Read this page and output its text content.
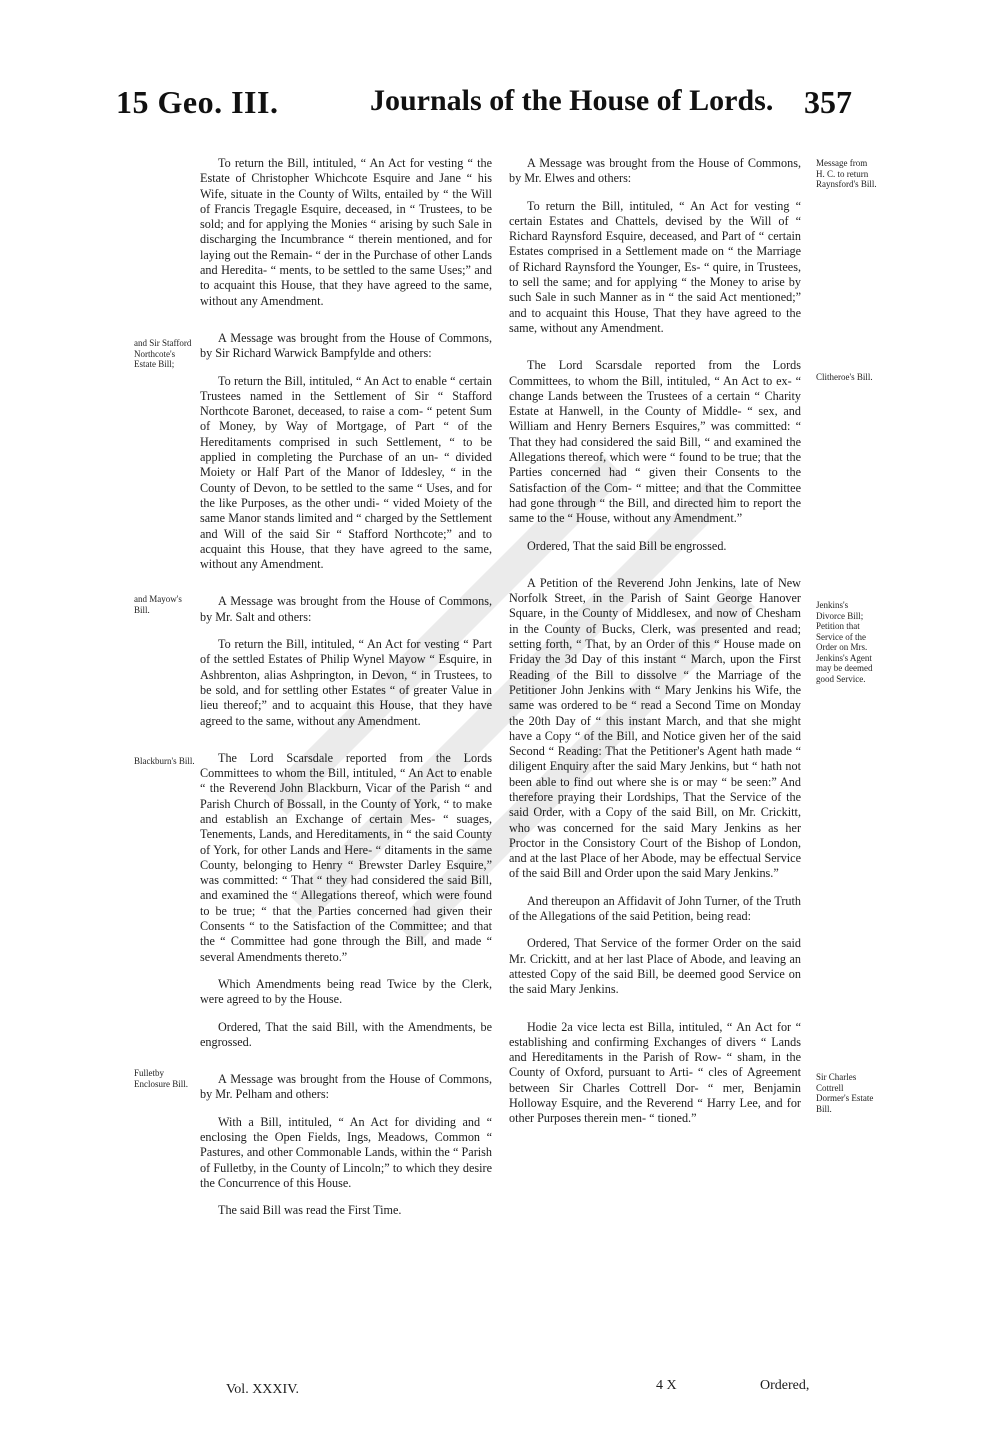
15 Geo. III.	Journals of the House of Lords. 357
and Sir Stafford Northcote's Estate Bill;
and Mayow's Bill.
Blackburn's Bill.
Fulletby Enclosure Bill.
Message from H. C. to return Raynsford's Bill.
Clitheroe's Bill.
Jenkins's Divorce Bill; Petition that Service of the Order on Mrs. Jenkins's Agent may be deemed good Service.
Sir Charles Cottrell Dormer's Estate Bill.

To return the Bill, intituled, “ An Act for vesting “ the Estate of Christopher Whichcote Esquire and Jane “ his Wife, situate in the County of Wilts, entailed by “ the Will of Francis Tregagle Esquire, deceased, in “ Trustees, to be sold; and for applying the Monies “ arising by such Sale in discharging the Incumbrance “ therein mentioned, and for laying out the Remain- “ der in the Purchase of other Lands and Heredita- “ ments, to be settled to the same Uses;” and to acquaint this House, that they have agreed to the same, without any Amendment.

A Message was brought from the House of Commons, by Sir Richard Warwick Bampfylde and others:

To return the Bill, intituled, “ An Act to enable “ certain Trustees named in the Settlement of Sir “ Stafford Northcote Baronet, deceased, to raise a com- “ petent Sum of Money, by Way of Mortgage, of Part “ of the Hereditaments comprised in such Settlement, “ to be applied in completing the Purchase of an un- “ divided Moiety or Half Part of the Manor of Iddesley, “ in the County of Devon, to be settled to the same “ Uses, and for the like Purposes, as the other undi- “ vided Moiety of the same Manor stands limited and “ charged by the Settlement and Will of the said Sir “ Stafford Northcote;” and to acquaint this House, that they have agreed to the same, without any Amendment.

A Message was brought from the House of Commons, by Mr. Salt and others:

To return the Bill, intituled, “ An Act for vesting “ Part of the settled Estates of Philip Wynel Mayow “ Esquire, in Ashbrenton, alias Ashprington, in Devon, “ in Trustees, to be sold, and for settling other Estates “ of greater Value in lieu thereof;” and to acquaint this House, that they have agreed to the same, without any Amendment.

The Lord Scarsdale reported from the Lords Committees to whom the Bill, intituled, “ An Act to enable “ the Reverend John Blackburn, Vicar of the Parish “ and Parish Church of Bossall, in the County of York, “ to make and establish an Exchange of certain Mes- “ suages, Tenements, Lands, and Hereditaments, in “ the said County of York, for other Lands and Here- “ ditaments in the same County, belonging to Henry “ Brewster Darley Esquire,” was committed: “ That “ they had considered the said Bill, and examined the “ Allegations thereof, which were found to be true; “ that the Parties concerned had given their Consents “ to the Satisfaction of the Committee; and that the “ Committee had gone through the Bill, and made “ several Amendments thereto.”

Which Amendments being read Twice by the Clerk, were agreed to by the House.

Ordered, That the said Bill, with the Amendments, be engrossed.

A Message was brought from the House of Commons, by Mr. Pelham and others:

With a Bill, intituled, “ An Act for dividing and “ enclosing the Open Fields, Ings, Meadows, Common “ Pastures, and other Commonable Lands, within the “ Parish of Fulletby, in the County of Lincoln;” to which they desire the Concurrence of this House.

The said Bill was read the First Time.

A Message was brought from the House of Commons, by Mr. Elwes and others:

To return the Bill, intituled, “ An Act for vesting “ certain Estates and Chattels, devised by the Will of “ Richard Raynsford Esquire, deceased, and Part of “ certain Estates comprised in a Settlement made on “ the Marriage of Richard Raynsford the Younger, Es- “ quire, in Trustees, to sell the same; and for applying “ the Money to arise by such Sale in such Manner as in “ the said Act mentioned;” and to acquaint this House, That they have agreed to the same, without any Amendment.

The Lord Scarsdale reported from the Lords Committees, to whom the Bill, intituled, “ An Act to ex- “ change Lands between the Trustees of a certain “ Charity Estate at Hanwell, in the County of Middle- “ sex, and William and Henry Berners Esquires,” was committed: “ That they had considered the said Bill, “ and examined the Allegations thereof, which were “ found to be true; that the Parties concerned had “ given their Consents to the Satisfaction of the Com- “ mittee; and that the Committee had gone through “ the Bill, and directed him to report the same to the “ House, without any Amendment.”

Ordered, That the said Bill be engrossed.

A Petition of the Reverend John Jenkins, late of New Norfolk Street, in the Parish of Saint George Hanover Square, in the County of Middlesex, and now of Chesham in the County of Bucks, Clerk, was presented and read; setting forth, “ That, by an Order of this “ House made on Friday the 3d Day of this instant “ March, upon the First Reading of the Bill to dissolve “ the Marriage of the Petitioner John Jenkins with “ Mary Jenkins his Wife, the same was ordered to be “ read a Second Time on Monday the 20th Day of “ this instant March, and that she might have a Copy “ of the Bill, and Notice given her of the said Second “ Reading: That the Petitioner's Agent hath made “ diligent Enquiry after the said Mary Jenkins, but “ hath not been able to find out where she is or may “ be seen:” And therefore praying their Lordships, That the Service of the said Order, with a Copy of the said Bill, on Mr. Crickitt, who was concerned for the said Mary Jenkins as her Proctor in the Consistory Court of the Bishop of London, and at the last Place of her Abode, may be effectual Service of the said Bill and Order upon the said Mary Jenkins.”

And thereupon an Affidavit of John Turner, of the Truth of the Allegations of the said Petition, being read:

Ordered, That Service of the former Order on the said Mr. Crickitt, and at her last Place of Abode, and leaving an attested Copy of the said Bill, be deemed good Service on the said Mary Jenkins.

Hodie 2a vice lecta est Billa, intituled, “ An Act for “ establishing and confirming Exchanges of divers “ Lands and Hereditaments in the Parish of Row- “ sham, in the County of Oxford, pursuant to Arti- “ cles of Agreement between Sir Charles Cottrell Dor- “ mer, Benjamin Holloway Esquire, and the Reverend “ Harry Lee, and for other Purposes therein men- “ tioned.”

Vol. XXXIV.	4 X	Ordered,
